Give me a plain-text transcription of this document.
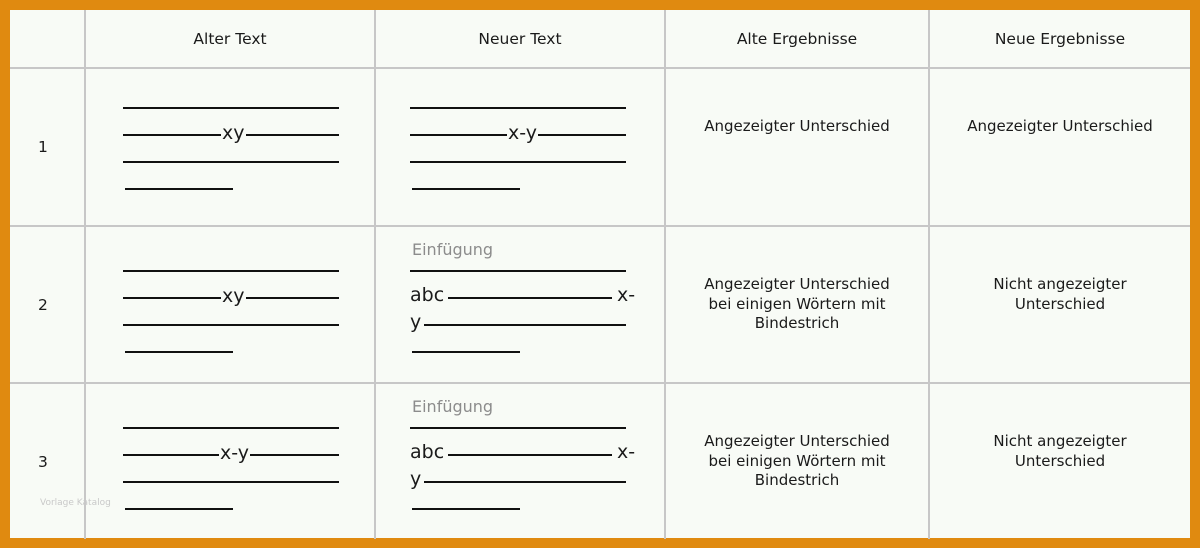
	Alter Text	Neuer Text	Alte Ergebnisse	Neue Ergebnisse
1	xy	x-y	Angezeigter Unterschied	Angezeigter Unterschied
2	xy	Einfügung
abc x-
y	Angezeigter Unterschied bei einigen Wörtern mit Bindestrich	Nicht angezeigter Unterschied
3	x-y	Einfügung
abc x-
y	Angezeigter Unterschied bei einigen Wörtern mit Bindestrich	Nicht angezeigter Unterschied
Vorlage Katalog
